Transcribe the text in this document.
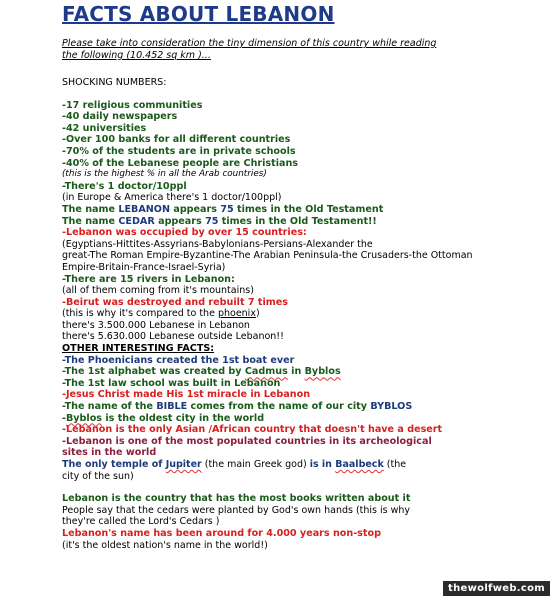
FACTS ABOUT LEBANON
Please take into consideration the tiny dimension of this country while reading the following (10.452 sq km )...
SHOCKING NUMBERS:
-17 religious communities
-40 daily newspapers
-42 universities
-Over 100 banks for all different countries
-70% of the students are in private schools
-40% of the Lebanese people are Christians
(this is the highest % in all the Arab countries)
-There's 1 doctor/10ppl
(in Europe & America there's 1 doctor/100ppl)
The name LEBANON appears 75 times in the Old Testament
The name CEDAR appears 75 times in the Old Testament!!
-Lebanon was occupied by over 15 countries:
(Egyptians-Hittites-Assyrians-Babylonians-Persians-Alexander the
great-The Roman Empire-Byzantine-The Arabian Peninsula-the Crusaders-the Ottoman
Empire-Britain-France-Israel-Syria)
-There are 15 rivers in Lebanon:
(all of them coming from it's mountains)
-Beirut was destroyed and rebuilt 7 times
(this is why it's compared to the phoenix)
there's 3.500.000 Lebanese in Lebanon
there's 5.630.000 Lebanese outside Lebanon!!
OTHER INTERESTING FACTS:
-The Phoenicians created the 1st boat ever
-The 1st alphabet was created by Cadmus in Byblos
-The 1st law school was built in Lebanon
-Jesus Christ made His 1st miracle in Lebanon
-The name of the BIBLE comes from the name of our city BYBLOS
-Byblos is the oldest city in the world
-Lebanon is the only Asian /African country that doesn't have a desert
-Lebanon is one of the most populated countries in its archeological
sites in the world
The only temple of Jupiter (the main Greek god) is in Baalbeck (the
city of the sun)
Lebanon is the country that has the most books written about it
People say that the cedars were planted by God's own hands (this is why
they're called the Lord's Cedars )
Lebanon's name has been around for 4.000 years non-stop
(it's the oldest nation's name in the world!)
thewolfweb.com
